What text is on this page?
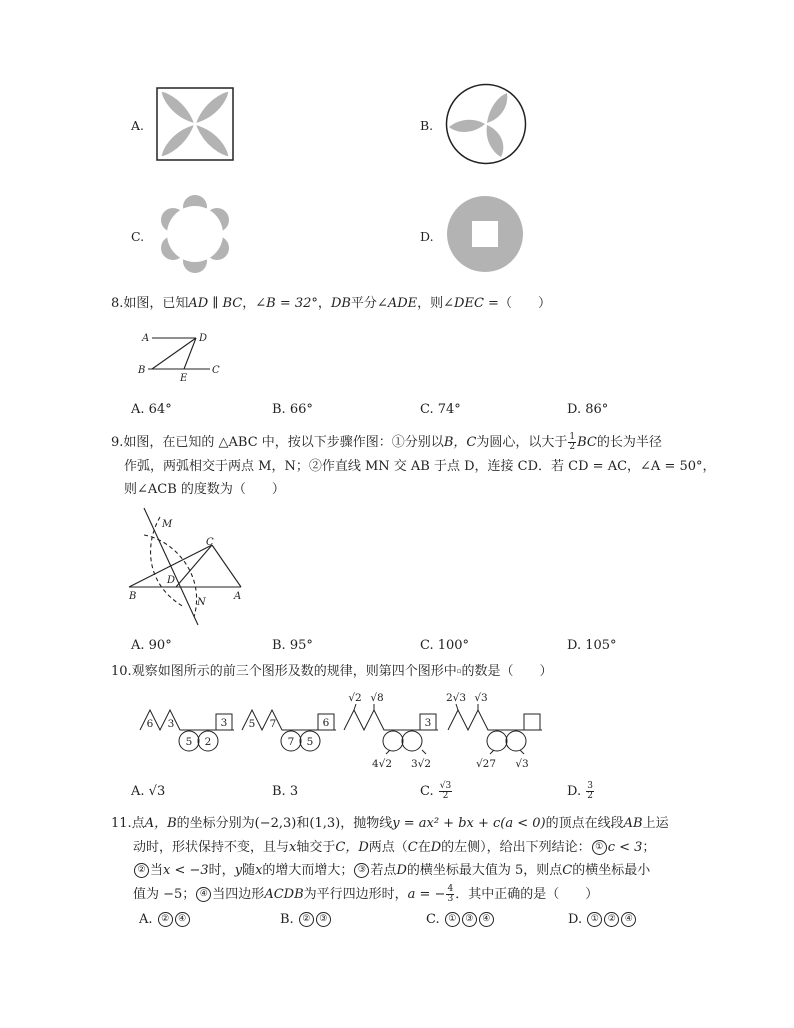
A.	B.
C.	D.
8.如图，已知AD ∥ BC，∠B = 32°，DB平分∠ADE，则∠DEC =（　　）
A	D
B
E
C
A. 64°	B. 66°	C. 74°	D. 86°
9.如图，在已知的 △ABC 中，按以下步骤作图：①分别以B，C为圆心，以大于 $\frac{1}{2}$ BC的长为半径
作弧，两弧相交于两点 M，N；②作直线 MN 交 AB 于点 D，连接 CD．若 CD = AC，∠A = 50°，
则∠ACB 的度数为（　　）
M
C
D
B
N
A
A. 90°	B. 95°	C. 100°	D. 105°
10.观察如图所示的前三个图形及数的规律，则第四个图形中▫的数是（　　）
6 3	3
5 2
5 7	6
7 5
√2 √8
3
4√2 3√2
2√3 √3
√27 √3
A. √3	B. 3	C. $\frac{√3}{2}$	D. $\frac{3}{2}$
11.点A，B的坐标分别为(−2,3)和(1,3)，抛物线y = ax² + bx + c(a < 0)的顶点在线段AB上运
动时，形状保持不变，且与x轴交于C，D两点（C在D的左侧），给出下列结论： ① c < 3；
② 当x < −3时，y随x的增大而增大； ③ 若点D的横坐标最大值为 5，则点C的横坐标最小
值为 −5； ④ 当四边形ACDB为平行四边形时，a = − $\frac{4}{3}$ ．其中正确的是（　　）
A. ② ④	B. ② ③	C. ① ③ ④	D. ① ② ④
